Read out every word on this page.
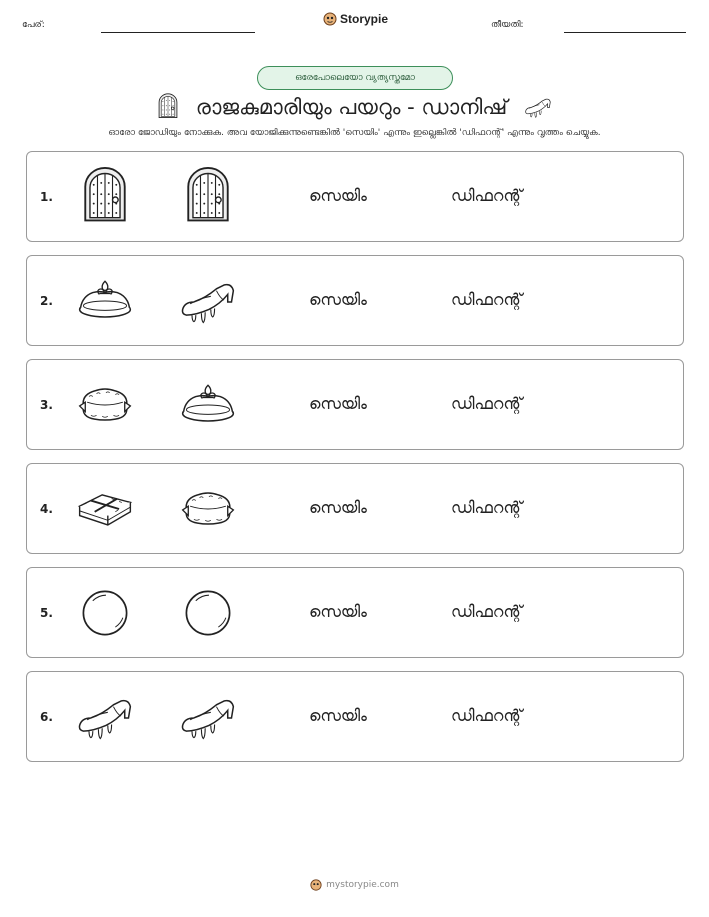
പേര്:	Storypie	തീയതി:
ഒരേപോലെയോ വ്യത്യസ്തമോ
രാജകുമാരിയും പയറും - ഡാനിഷ്
ഓരോ ജോഡിയും നോക്കുക. അവ യോജിക്കുന്നുണ്ടെങ്കിൽ 'സെയിം' എന്നും ഇല്ലെങ്കിൽ 'ഡിഫറന്റ്' എന്നും വൃത്തം ചെയ്യുക.
1.	സെയിം	ഡിഫറന്റ്
2.	സെയിം	ഡിഫറന്റ്
3.	സെയിം	ഡിഫറന്റ്
4.	സെയിം	ഡിഫറന്റ്
5.	സെയിം	ഡിഫറന്റ്
6.	സെയിം	ഡിഫറന്റ്
mystorypie.com
